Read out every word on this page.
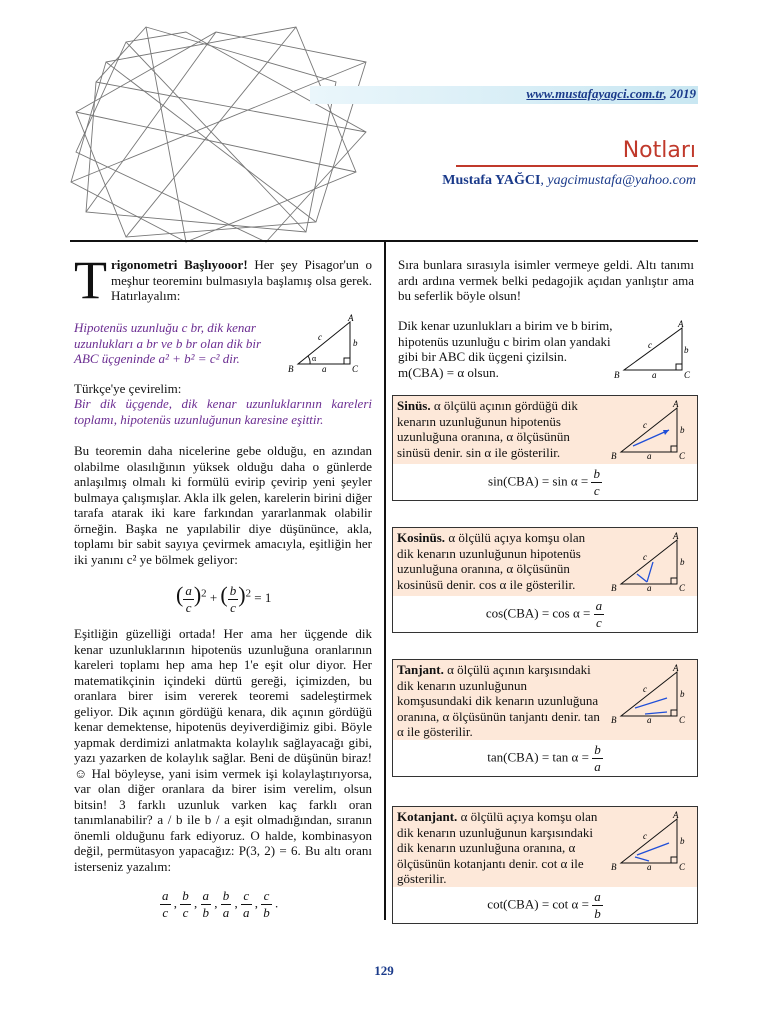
www.mustafayagci.com.tr, 2019
Notları
Mustafa YAĞCI, yagcimustafa@yahoo.com
Trigonometri Başlıyooor! Her şey Pisagor'un o meşhur teoreminı bulmasıyla başlamış olsa gerek. Hatırlayalım:
Hipotenüs uzunluğu c br, dik kenar uzunlukları a br ve b br olan dik bir ABC üçgeninde a² + b² = c² dir.
B	C
A
a
b
c
α
Türkçe'ye çevirelim:
Bir dik üçgende, dik kenar uzunluklarının kareleri toplamı, hipotenüs uzunluğunun karesine eşittir.
Bu teoremin daha nicelerine gebe olduğu, en azından olabilme olasılığının yüksek olduğu daha o günlerde anlaşılmış olmalı ki formülü evirip çevirip yeni şeyler bulmaya çalışmışlar. Akla ilk gelen, karelerin birini diğer tarafa atarak iki kare farkından yararlanmak olabilir örneğin. Başka ne yapılabilir diye düşününce, akla, toplamı bir sabit sayıya çevirmek amacıyla, eşitliğin her iki yanını c² ye bölmek geliyor:
( $\frac{a}{c} )^2$ + ( $\frac{b}{c} )^2 = 1$
Eşitliğin güzelliği ortada! Her ama her üçgende dik kenar uzunluklarının hipotenüs uzunluğuna oranlarının kareleri toplamı hep ama hep 1'e eşit olur diyor. Her matematikçinin içindeki dürtü gereği, içimizden, bu oranlara birer isim vererek teoremi sadeleştirmek geliyor. Dik açının gördüğü kenara, dik açının gördüğü kenar demektense, hipotenüs deyiverdiğimiz gibi. Böyle yapmak derdimizi anlatmakta kolaylık sağlayacağı gibi, yazı yazarken de kolaylık sağlar. Beni de düşünün biraz! ☺ Hal böyleyse, yani isim vermek işi kolaylaştırıyorsa, var olan diğer oranlara da birer isim verelim, olsun bitsin! 3 farklı uzunluk varken kaç farklı oran tanımlanabilir? a / b ile b / a eşit olmadığından, sıranın önemli olduğunu fark ediyoruz. O halde, kombinasyon değil, permütasyon yapacağız: P(3, 2) = 6. Bu altı oranı isterseniz yazalım:
$\frac{a}{c}$ , $\frac{b}{c}$ , $\frac{a}{b}$ , $\frac{b}{a}$ , $\frac{c}{a}$ , $\frac{c}{b}$ .
Sıra bunlara sırasıyla isimler vermeye geldi. Altı tanımı ardı ardına vermek belki pedagojik açıdan yanlıştır ama bu seferlik böyle olsun!
Dik kenar uzunlukları a birim ve b birim, hipotenüs uzunluğu c birim olan yandaki gibi bir ABC dik üçgeni çizilsin. m(CBA) = α olsun.	B	C
A
a
b
c
Sinüs. α ölçülü açının gördüğü dik kenarın uzunluğunun hipotenüs uzunluğuna oranına, α ölçüsünün sinüsü denir. sin α ile gösterilir.	B	C
A
a
b
c
$\sin(CBA) = \sin \alpha = \frac{b}{c}$
Kosinüs. α ölçülü açıya komşu olan dik kenarın uzunluğunun hipotenüs uzunluğuna oranına, α ölçüsünün kosinüsü denir. cos α ile gösterilir.	B	C
A
a
b
c
$\cos(CBA) = \cos \alpha = \frac{a}{c}$
Tanjant. α ölçülü açının karşısındaki dik kenarın uzunluğunun komşusundaki dik kenarın uzunluğuna oranına, α ölçüsünün tanjantı denir. tan α ile gösterilir.
B	C
A
a
b
c
$\tan(CBA) = \tan \alpha = \frac{b}{a}$
Kotanjant. α ölçülü açıya komşu olan dik kenarın uzunluğunun karşısındaki dik kenarın uzunluğuna oranına, α ölçüsünün kotanjantı denir. cot α ile gösterilir.
B	C
A
a
b
c
$\cot(CBA) = \cot \alpha = \frac{a}{b}$
129
